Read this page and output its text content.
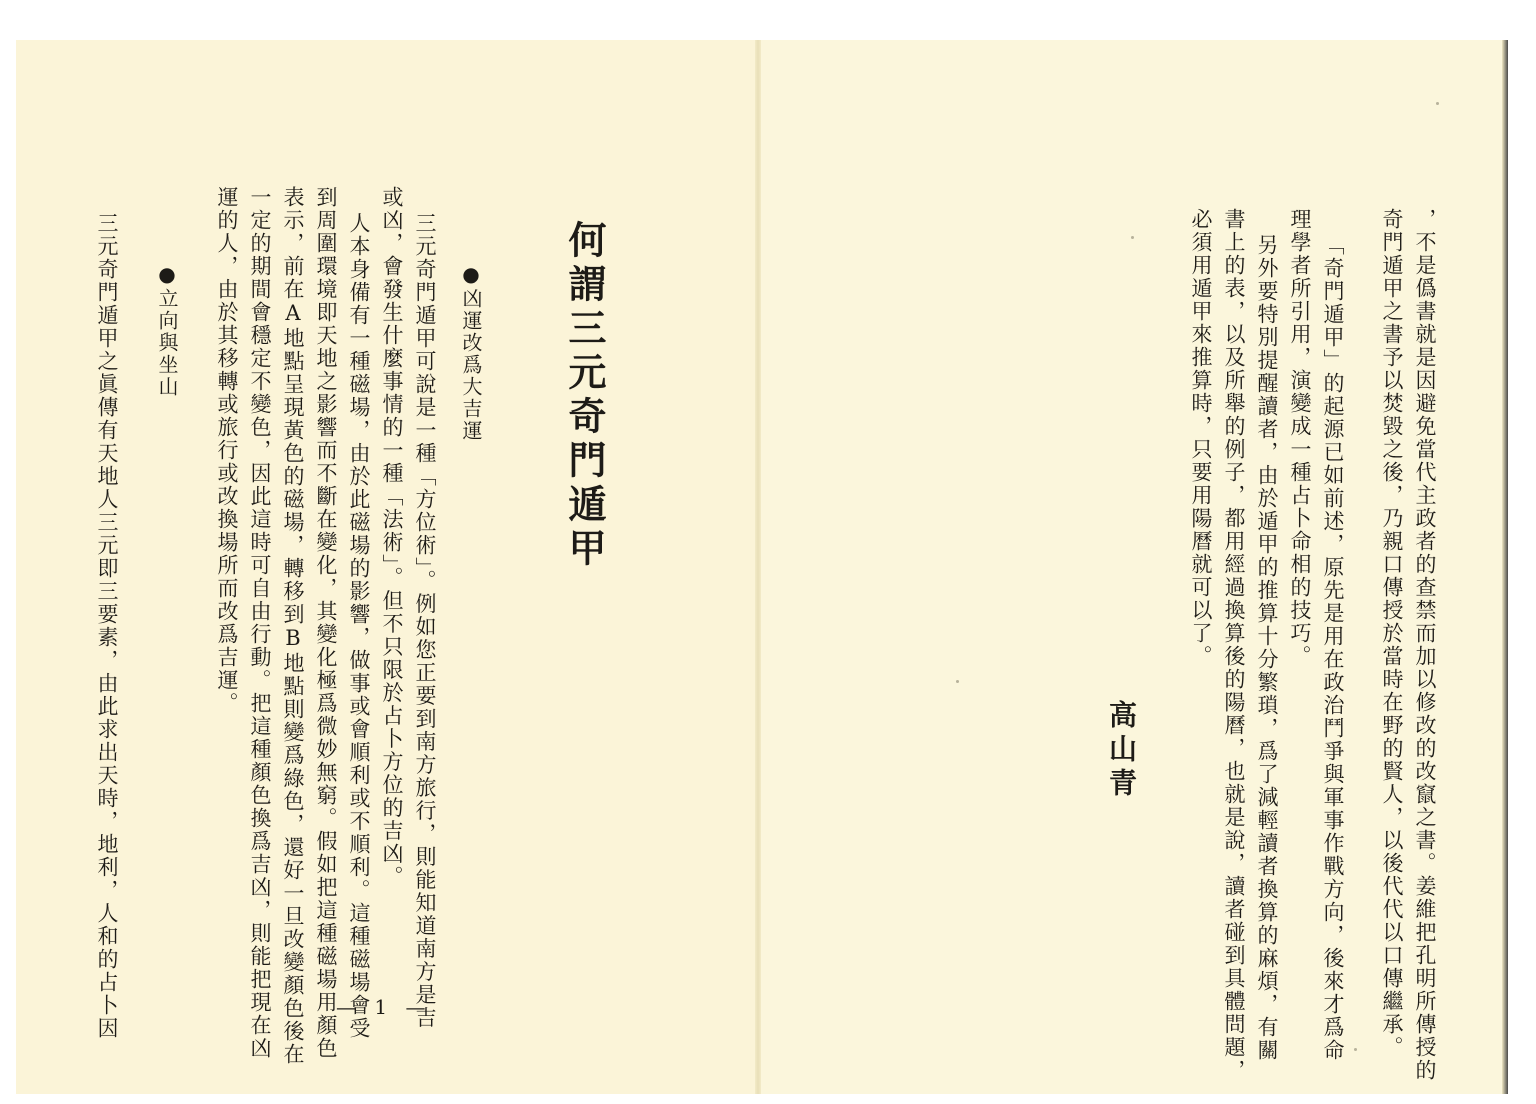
，不是僞書就是因避免當代主政者的查禁而加以修改的改竄之書。姜維把孔明所傳授的
奇門遁甲之書予以焚毀之後，乃親口傳授於當時在野的賢人，以後代代以口傳繼承。
「奇門遁甲」的起源已如前述，原先是用在政治鬥爭與軍事作戰方向，後來才爲命
理學者所引用，演變成一種占卜命相的技巧。
另外要特別提醒讀者，由於遁甲的推算十分繁瑣，爲了減輕讀者換算的麻煩，有關
書上的表，以及所舉的例子，都用經過換算後的陽曆，也就是說，讀者碰到具體問題，
必須用遁甲來推算時，只要用陽曆就可以了。
高山青
何謂三元奇門遁甲
●凶運改爲大吉運
三元奇門遁甲可說是一種「方位術」。例如您正要到南方旅行，則能知道南方是吉
或凶，會發生什麼事情的一種「法術」。但不只限於占卜方位的吉凶。
人本身備有一種磁場，由於此磁場的影響，做事或會順利或不順利。這種磁場會受
到周圍環境即天地之影響而不斷在變化，其變化極爲微妙無窮。假如把這種磁場用顏色
表示，前在A地點呈現黃色的磁場，轉移到B地點則變爲綠色，還好一旦改變顏色後在
一定的期間會穩定不變色，因此這時可自由行動。把這種顏色換爲吉凶，則能把現在凶
運的人，由於其移轉或旅行或改換場所而改爲吉運。
●立向與坐山
三元奇門遁甲之眞傳有天地人三元即三要素，由此求出天時，地利，人和的占卜因	— 1 —
